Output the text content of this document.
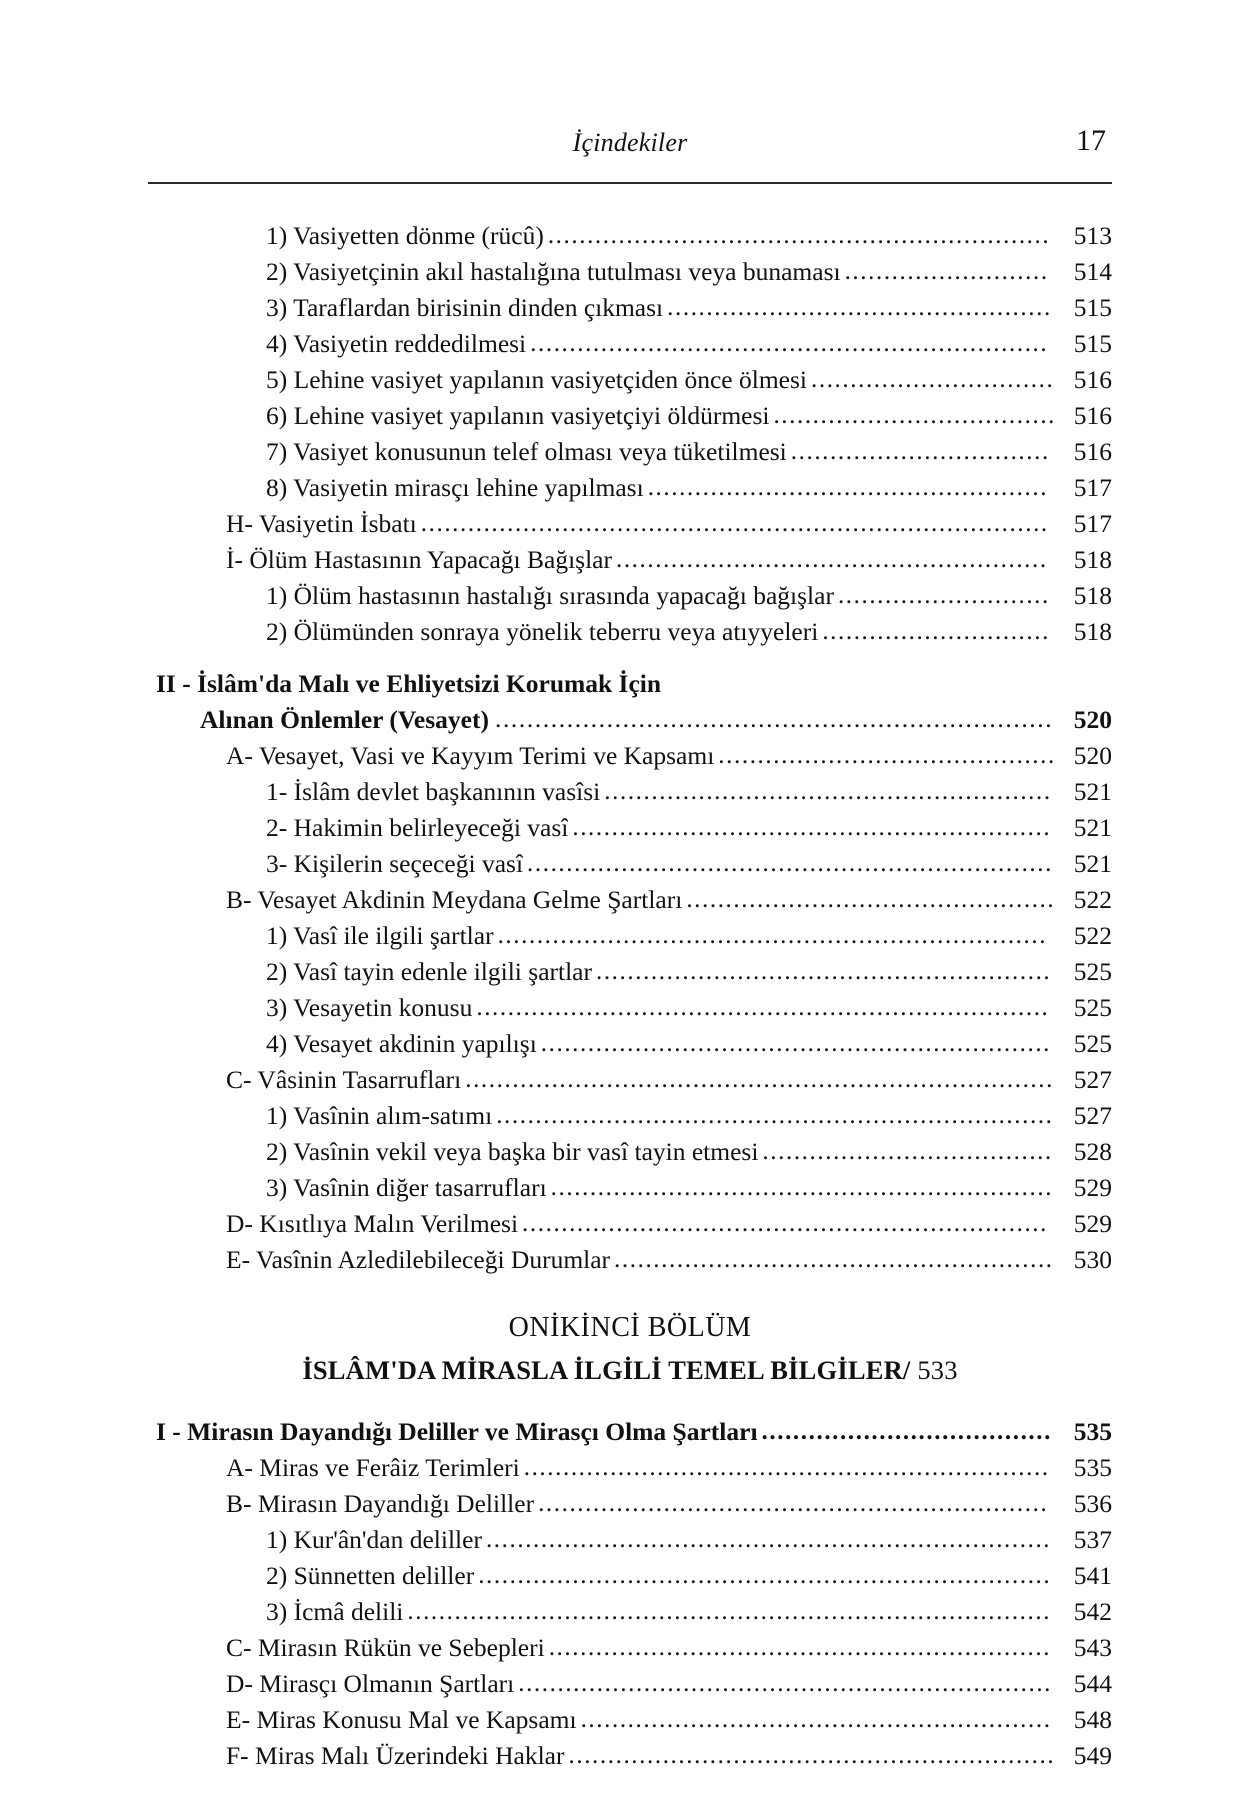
İçindekiler	17
1) Vasiyetten dönme (rücû) ................................................................ 513
2) Vasiyetçinin akıl hastalığına tutulması veya bunaması .......................... 514
3) Taraflardan birisinin dinden çıkması ................................................. 515
4) Vasiyetin reddedilmesi .................................................................. 515
5) Lehine vasiyet yapılanın vasiyetçiden önce ölmesi ............................... 516
6) Lehine vasiyet yapılanın vasiyetçiyi öldürmesi .................................... 516
7) Vasiyet konusunun telef olması veya tüketilmesi ................................. 516
8) Vasiyetin mirasçı lehine yapılması ...................................................	517
H- Vasiyetin İsbatı ................................................................................ 517
İ- Ölüm Hastasının Yapacağı Bağışlar .......................................................	518
1) Ölüm hastasının hastalığı sırasında yapacağı bağışlar ........................... 518
2) Ölümünden sonraya yönelik teberru veya atıyyeleri ............................. 518
II - İslâm'da Malı ve Ehliyetsizi Korumak İçin
Alınan Önlemler (Vesayet) ...................................................................... 520
A- Vesayet, Vasi ve Kayyım Terimi ve Kapsamı ........................................... 520
1- İslâm devlet başkanının vasîsi ......................................................... 521
2- Hakimin belirleyeceği vasî ............................................................. 521
3- Kişilerin seçeceği vasî ................................................................... 521
B- Vesayet Akdinin Meydana Gelme Şartları ............................................... 522
1) Vasî ile ilgili şartlar ......................................................................	522
2) Vasî tayin edenle ilgili şartlar .......................................................... 525
3) Vesayetin konusu ......................................................................... 525
4) Vesayet akdinin yapılışı ................................................................. 525
C- Vâsinin Tasarrufları ........................................................................... 527
1) Vasînin alım-satımı ....................................................................... 527
2) Vasînin vekil veya başka bir vasî tayin etmesi ..................................... 528
3) Vasînin diğer tasarrufları ................................................................ 529
D- Kısıtlıya Malın Verilmesi ...................................................................	529
E- Vasînin Azledilebileceği Durumlar ........................................................ 530
ONİKİNCİ BÖLÜM
İSLÂM'DA MİRASLA İLGİLİ TEMEL BİLGİLER/ 533
I - Mirasın Dayandığı Deliller ve Mirasçı Olma Şartları ..................................... 535
A- Miras ve Ferâiz Terimleri ................................................................... 535
B- Mirasın Dayandığı Deliller ................................................................. 536
1) Kur'ân'dan deliller ........................................................................ 537
2) Sünnetten deliller ......................................................................... 541
3) İcmâ delili .................................................................................. 542
C- Mirasın Rükün ve Sebepleri ................................................................ 543
D- Mirasçı Olmanın Şartları .................................................................... 544
E- Miras Konusu Mal ve Kapsamı ............................................................ 548
F- Miras Malı Üzerindeki Haklar .............................................................. 549
